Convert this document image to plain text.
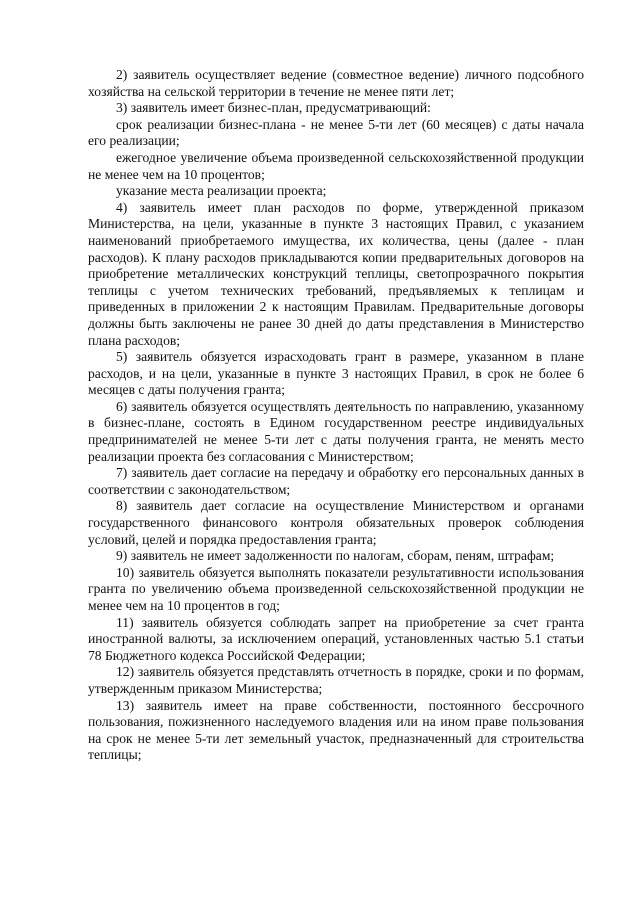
2) заявитель осуществляет ведение (совместное ведение) личного подсобного хозяйства на сельской территории в течение не менее пяти лет;

3) заявитель имеет бизнес-план, предусматривающий:

срок реализации бизнес-плана - не менее 5-ти лет (60 месяцев) с даты начала его реализации;

ежегодное увеличение объема произведенной сельскохозяйственной продукции не менее чем на 10 процентов;

указание места реализации проекта;

4) заявитель имеет план расходов по форме, утвержденной приказом Министерства, на цели, указанные в пункте 3 настоящих Правил, с указанием наименований приобретаемого имущества, их количества, цены (далее - план расходов). К плану расходов прикладываются копии предварительных договоров на приобретение металлических конструкций теплицы, светопрозрачного покрытия теплицы с учетом технических требований, предъявляемых к теплицам и приведенных в приложении 2 к настоящим Правилам. Предварительные договоры должны быть заключены не ранее 30 дней до даты представления в Министерство плана расходов;

5) заявитель обязуется израсходовать грант в размере, указанном в плане расходов, и на цели, указанные в пункте 3 настоящих Правил, в срок не более 6 месяцев с даты получения гранта;

6) заявитель обязуется осуществлять деятельность по направлению, указанному в бизнес-плане, состоять в Едином государственном реестре индивидуальных предпринимателей не менее 5-ти лет с даты получения гранта, не менять место реализации проекта без согласования с Министерством;

7) заявитель дает согласие на передачу и обработку его персональных данных в соответствии с законодательством;

8) заявитель дает согласие на осуществление Министерством и органами государственного финансового контроля обязательных проверок соблюдения условий, целей и порядка предоставления гранта;

9) заявитель не имеет задолженности по налогам, сборам, пеням, штрафам;

10) заявитель обязуется выполнять показатели результативности использования гранта по увеличению объема произведенной сельскохозяйственной продукции не менее чем на 10 процентов в год;

11) заявитель обязуется соблюдать запрет на приобретение за счет гранта иностранной валюты, за исключением операций, установленных частью 5.1 статьи 78 Бюджетного кодекса Российской Федерации;

12) заявитель обязуется представлять отчетность в порядке, сроки и по формам, утвержденным приказом Министерства;

13) заявитель имеет на праве собственности, постоянного бессрочного пользования, пожизненного наследуемого владения или на ином праве пользования на срок не менее 5-ти лет земельный участок, предназначенный для строительства теплицы;
